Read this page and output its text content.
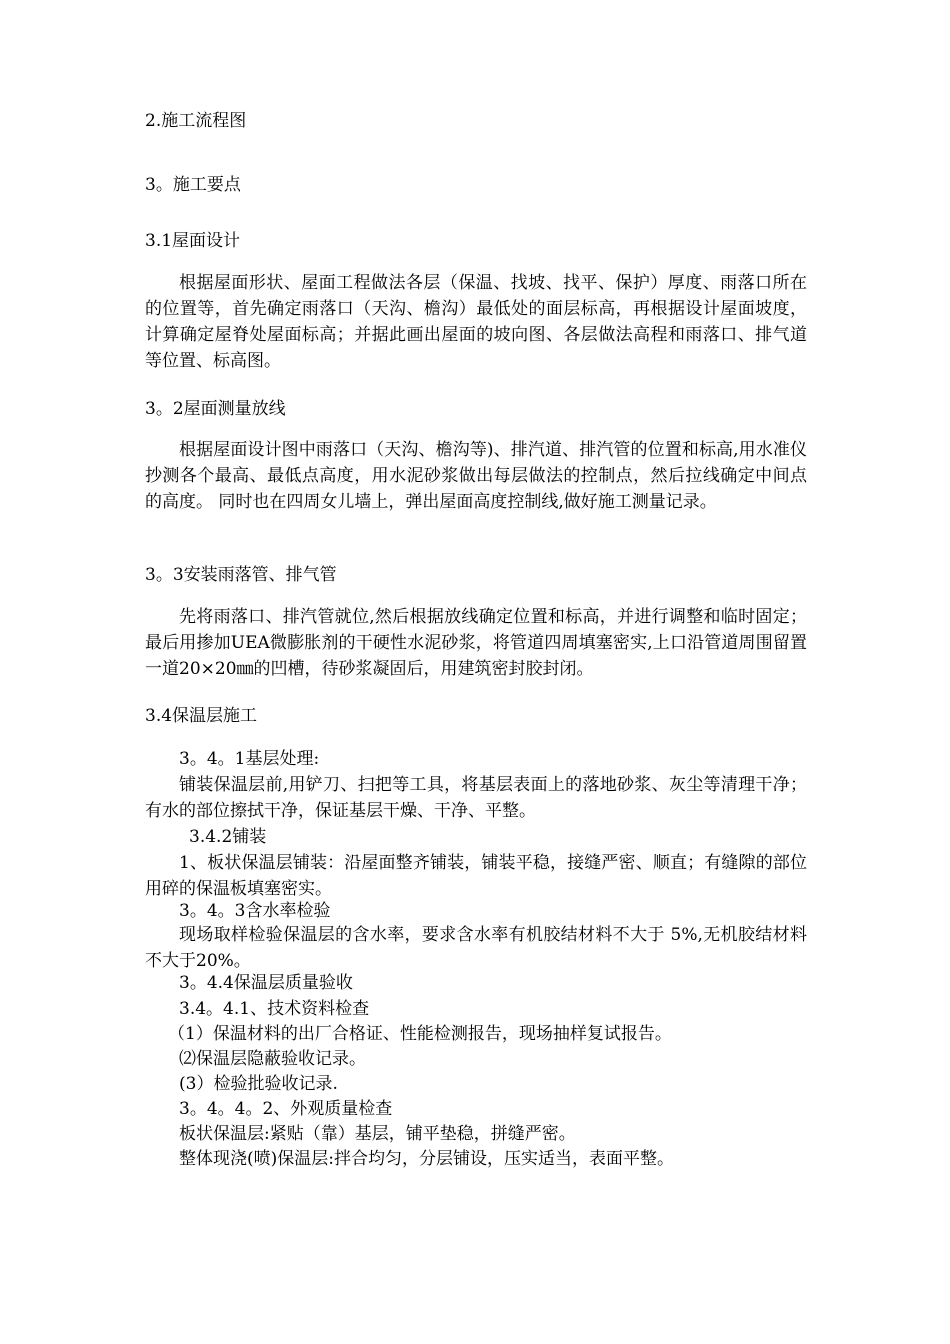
2.施工流程图
3。施工要点
3.1屋面设计

根据屋面形状、屋面工程做法各层（保温、找坡、找平、保护）厚度、雨落口所在的位置等，首先确定雨落口（天沟、檐沟）最低处的面层标高，再根据设计屋面坡度，计算确定屋脊处屋面标高；并据此画出屋面的坡向图、各层做法高程和雨落口、排气道等位置、标高图。

3。2屋面测量放线

根据屋面设计图中雨落口（天沟、檐沟等)、排汽道、排汽管的位置和标高,用水准仪抄测各个最高、最低点高度，用水泥砂浆做出每层做法的控制点，然后拉线确定中间点的高度。 同时也在四周女儿墙上，弹出屋面高度控制线,做好施工测量记录。

3。3安装雨落管、排气管

先将雨落口、排汽管就位,然后根据放线确定位置和标高，并进行调整和临时固定；最后用掺加UEA微膨胀剂的干硬性水泥砂浆，将管道四周填塞密实,上口沿管道周围留置一道20×20㎜的凹槽，待砂浆凝固后，用建筑密封胶封闭。

3.4保温层施工

3。4。1基层处理:

铺装保温层前,用铲刀、扫把等工具，将基层表面上的落地砂浆、灰尘等清理干净；有水的部位擦拭干净，保证基层干燥、干净、平整。

3.4.2铺装

1、板状保温层铺装：沿屋面整齐铺装，铺装平稳，接缝严密、顺直；有缝隙的部位用碎的保温板填塞密实。

3。4。3含水率检验

现场取样检验保温层的含水率，要求含水率有机胶结材料不大于 5%,无机胶结材料不大于20%。

3。4.4保温层质量验收

3.4。4.1、技术资料检查

（1）保温材料的出厂合格证、性能检测报告，现场抽样复试报告。

⑵保温层隐蔽验收记录。

(3）检验批验收记录.

3。4。4。2、外观质量检查

板状保温层:紧贴（靠）基层，铺平垫稳，拼缝严密。

整体现浇(喷)保温层:拌合均匀，分层铺设，压实适当，表面平整。
